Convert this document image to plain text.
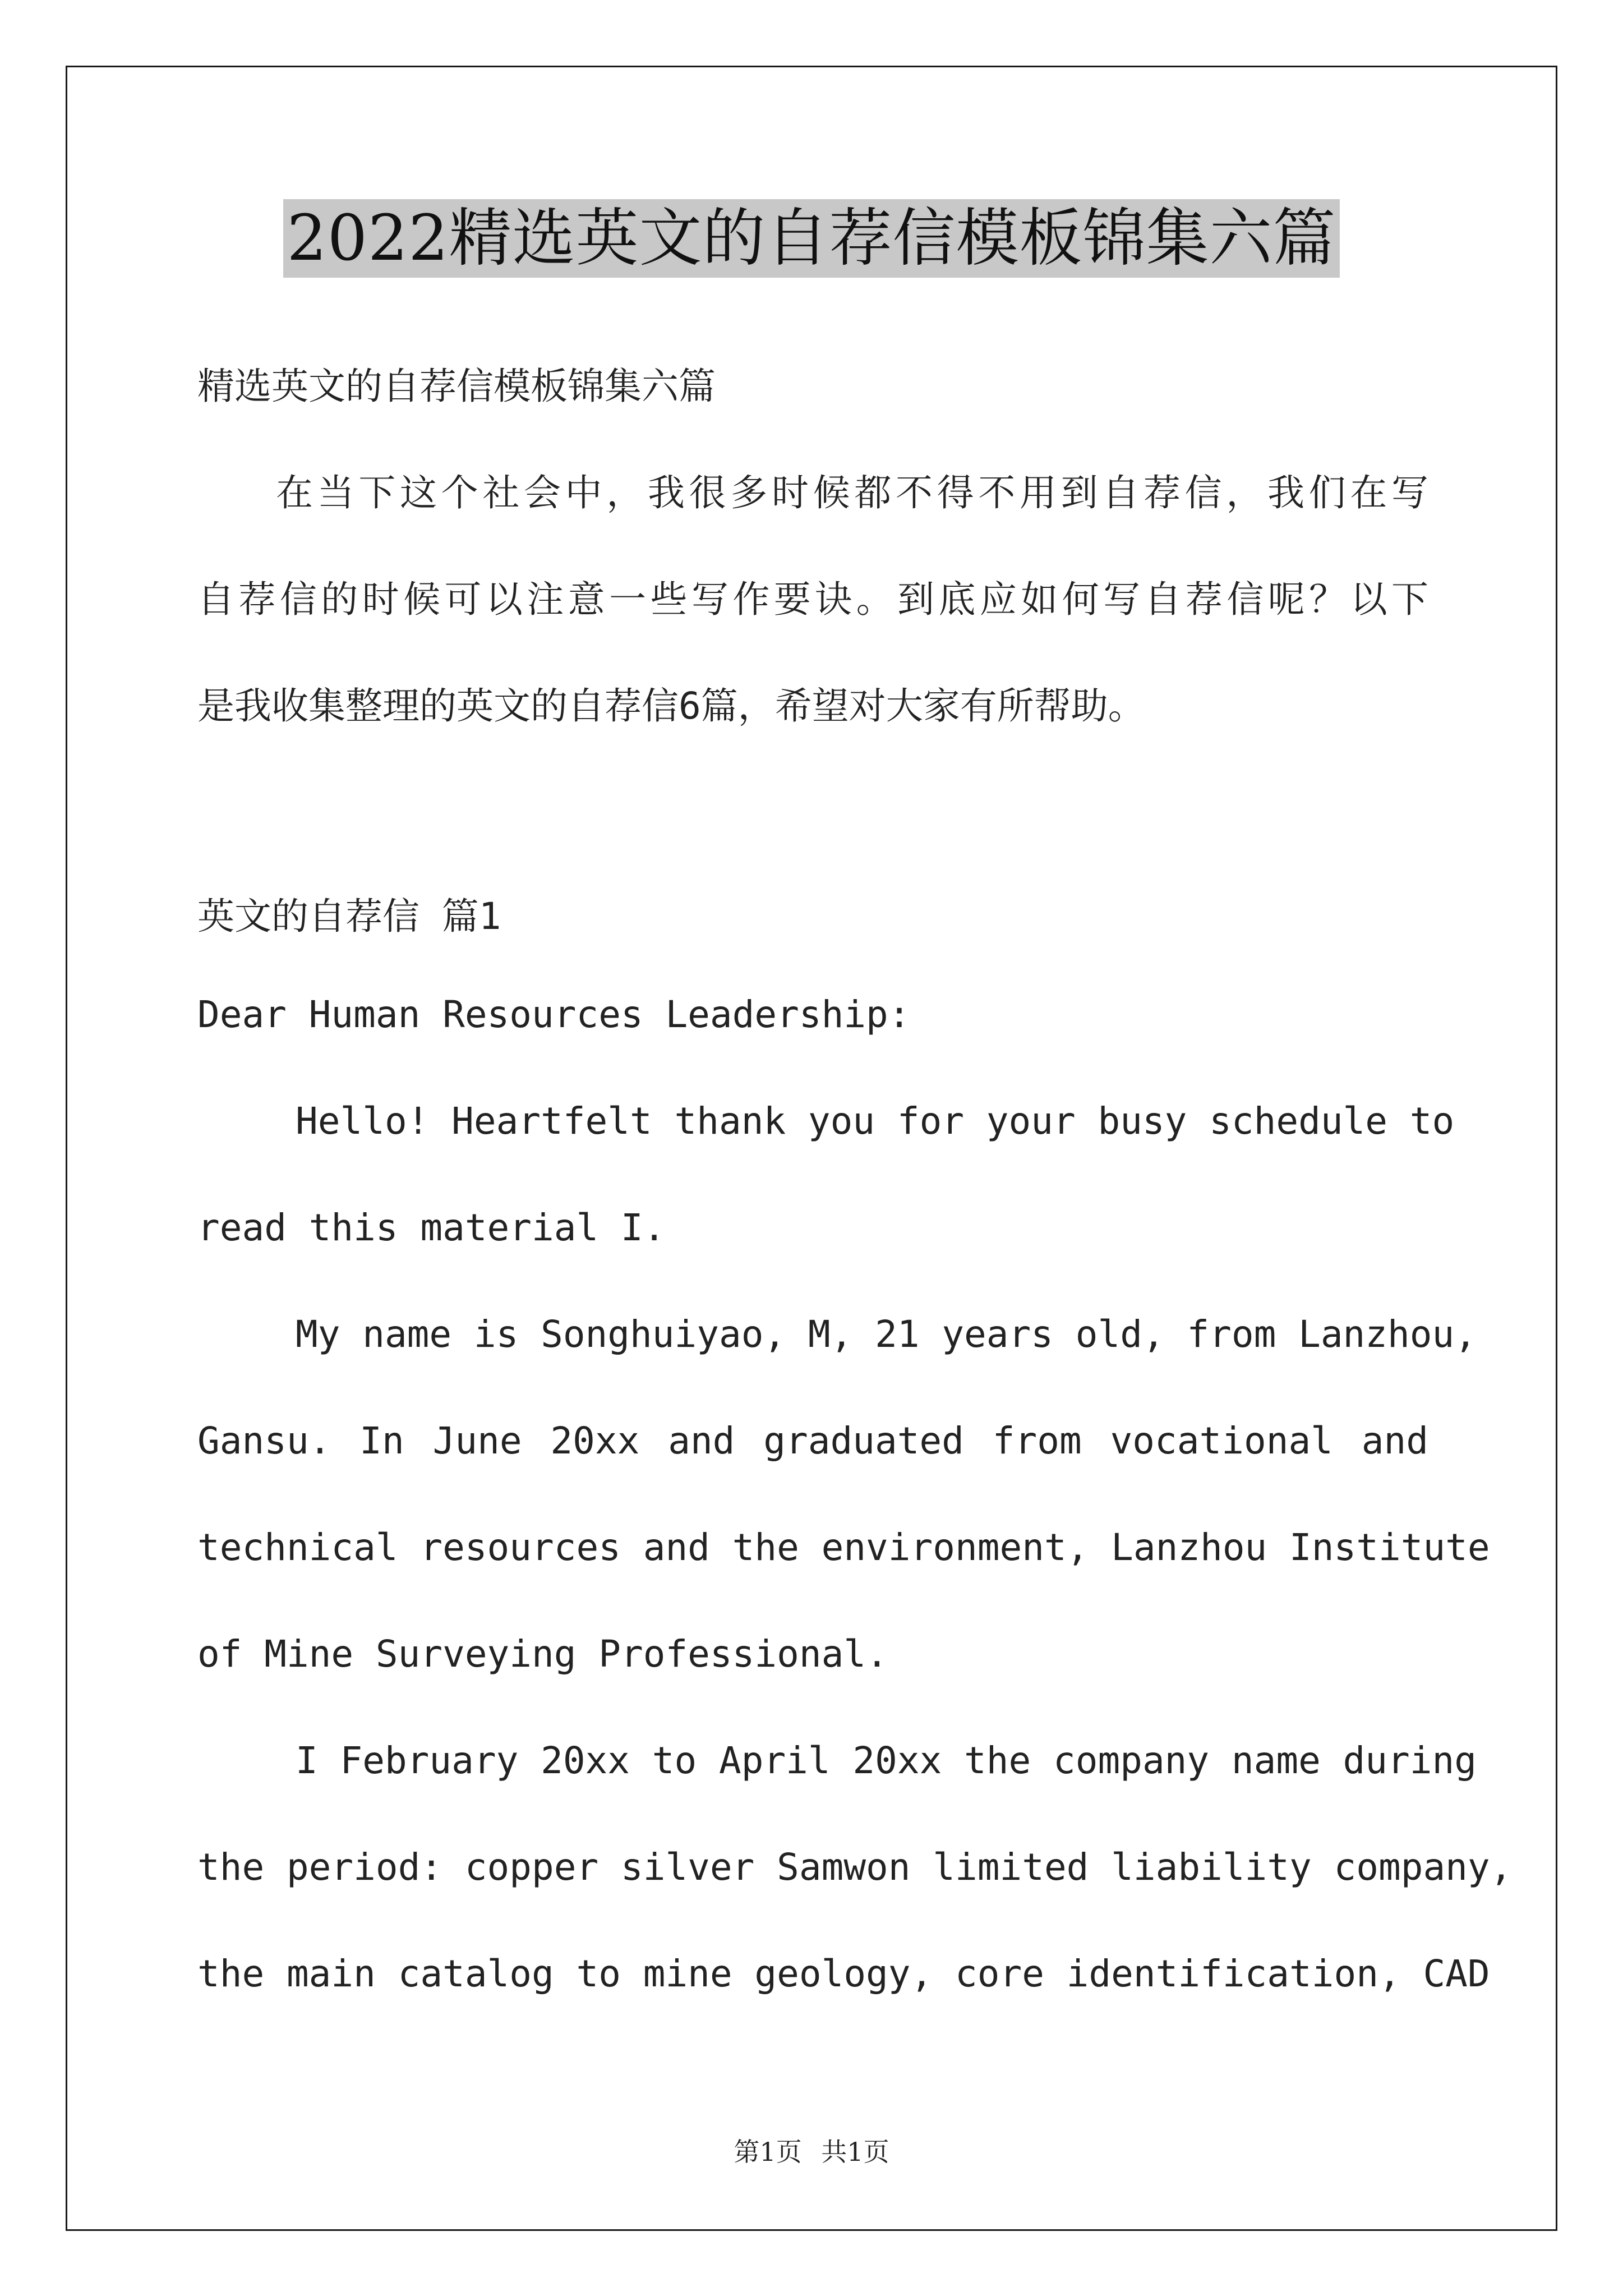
2022精选英文的自荐信模板锦集六篇

精选英文的自荐信模板锦集六篇

在当下这个社会中，我很多时候都不得不用到自荐信，我们在写

自荐信的时候可以注意一些写作要诀。到底应如何写自荐信呢？以下

是我收集整理的英文的自荐信6篇，希望对大家有所帮助。

英文的自荐信 篇1

Dear Human Resources Leadership:

Hello! Heartfelt thank you for your busy schedule to

read this material I.

My name is Songhuiyao, M, 21 years old, from Lanzhou,

Gansu. In June 20xx and graduated from vocational and

technical resources and the environment, Lanzhou Institute

of Mine Surveying Professional.

I February 20xx to April 20xx the company name during

the period: copper silver Samwon limited liability company,

the main catalog to mine geology, core identification, CAD

第1页 共1页
